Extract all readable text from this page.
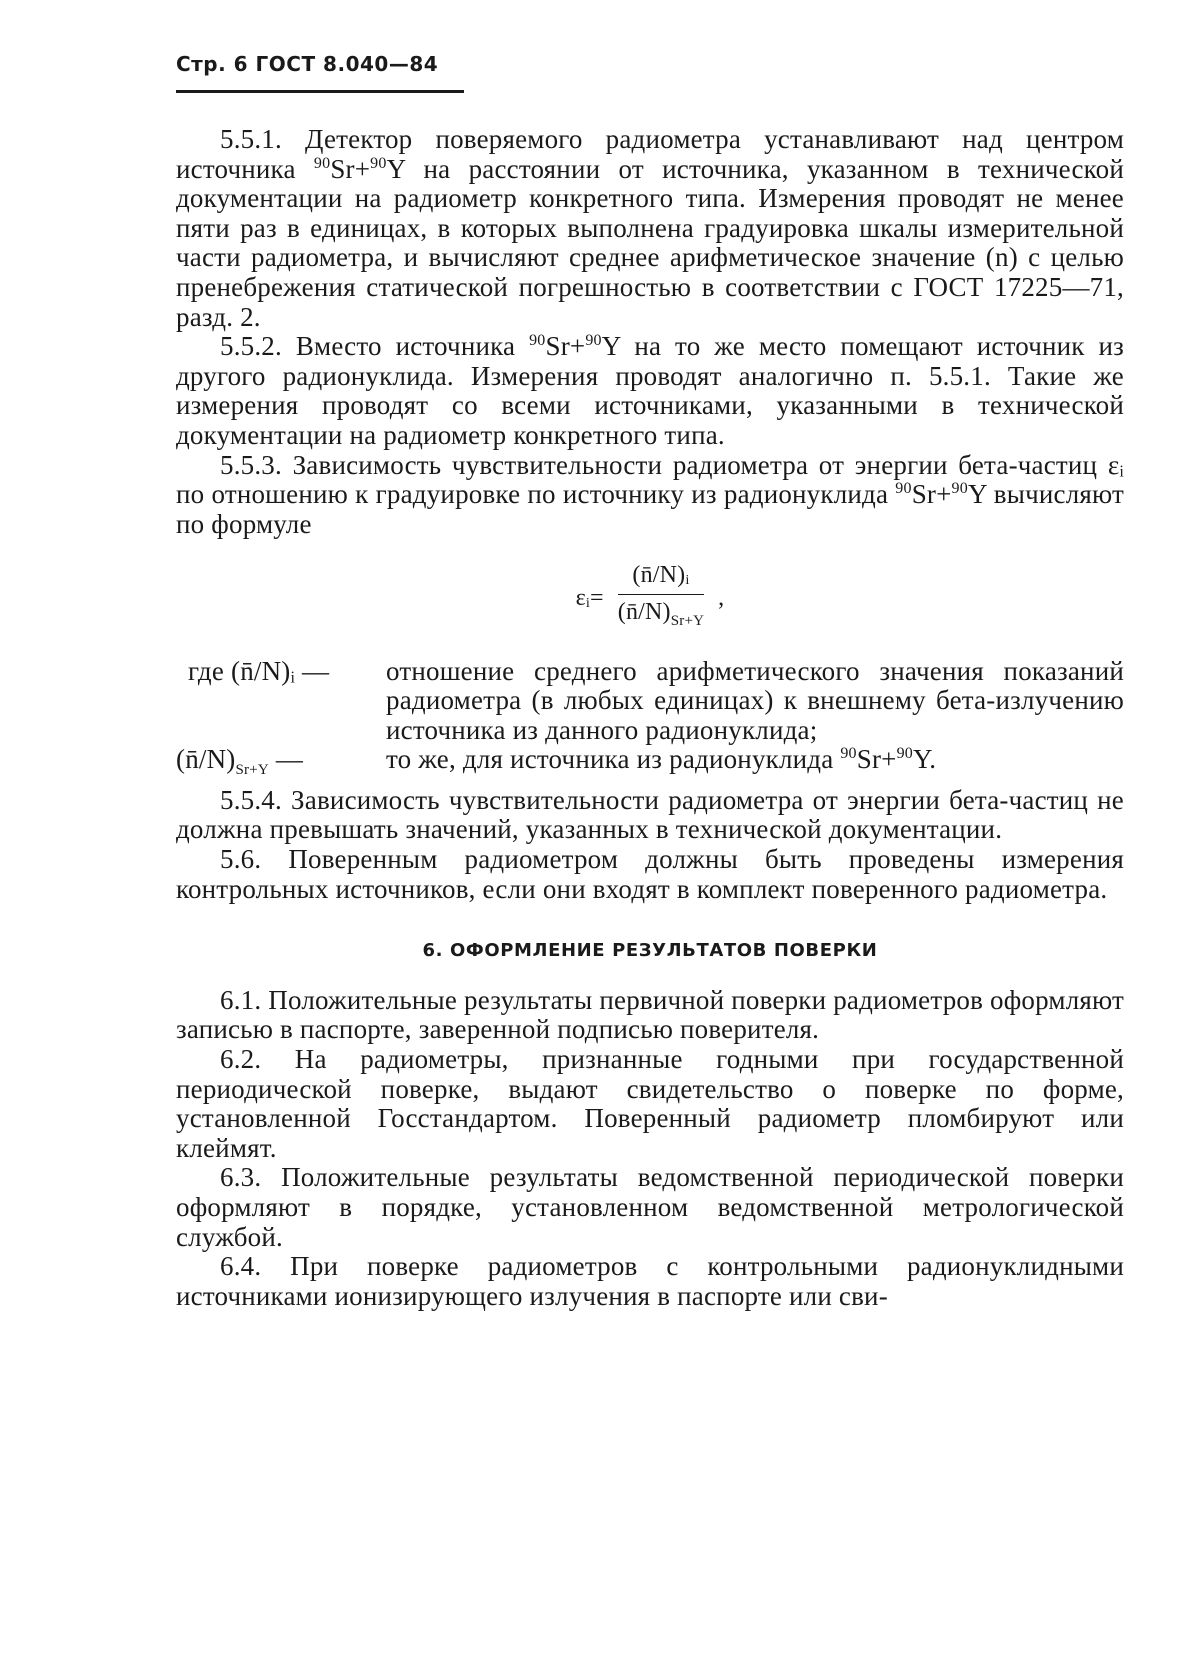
Стр. 6 ГОСТ 8.040—84

5.5.1. Детектор поверяемого радиометра устанавливают над центром источника $^{90}$Sr+$^{90}$Y на расстоянии от источника, указанном в технической документации на радиометр конкретного типа. Измерения проводят не менее пяти раз в единицах, в которых выполнена градуировка шкалы измерительной части радиометра, и вычисляют среднее арифметическое значение (n) с целью пренебрежения статической погрешностью в соответствии с ГОСТ 17225—71, разд. 2.

5.5.2. Вместо источника $^{90}$Sr+$^{90}$Y на то же место помещают источник из другого радионуклида. Измерения проводят аналогично п. 5.5.1. Такие же измерения проводят со всеми источниками, указанными в технической документации на радиометр конкретного типа.

5.5.3. Зависимость чувствительности радиометра от энергии бета-частиц εᵢ по отношению к градуировке по источнику из радионуклида $^{90}$Sr+$^{90}$Y вычисляют по формуле

εᵢ= $\frac{\text{(n̄/N)ᵢ}}{(n̄/N)_{Sr+Y}}$ ,
где (n̄/N)ᵢ —	отношение среднего арифметического значения показаний радиометра (в любых единицах) к внешнему бета-излучению источника из данного радионуклида;
$(n̄/N)_{Sr+Y}$ —	то же, для источника из радионуклида $^{90}$Sr+$^{90}$Y.

5.5.4. Зависимость чувствительности радиометра от энергии бета-частиц не должна превышать значений, указанных в технической документации.

5.6. Поверенным радиометром должны быть проведены измерения контрольных источников, если они входят в комплект поверенного радиометра.

6. ОФОРМЛЕНИЕ РЕЗУЛЬТАТОВ ПОВЕРКИ

6.1. Положительные результаты первичной поверки радиометров оформляют записью в паспорте, заверенной подписью поверителя.

6.2. На радиометры, признанные годными при государственной периодической поверке, выдают свидетельство о поверке по форме, установленной Госстандартом. Поверенный радиометр пломбируют или клеймят.

6.3. Положительные результаты ведомственной периодической поверки оформляют в порядке, установленном ведомственной метрологической службой.

6.4. При поверке радиометров с контрольными радионуклидными источниками ионизирующего излучения в паспорте или сви-
